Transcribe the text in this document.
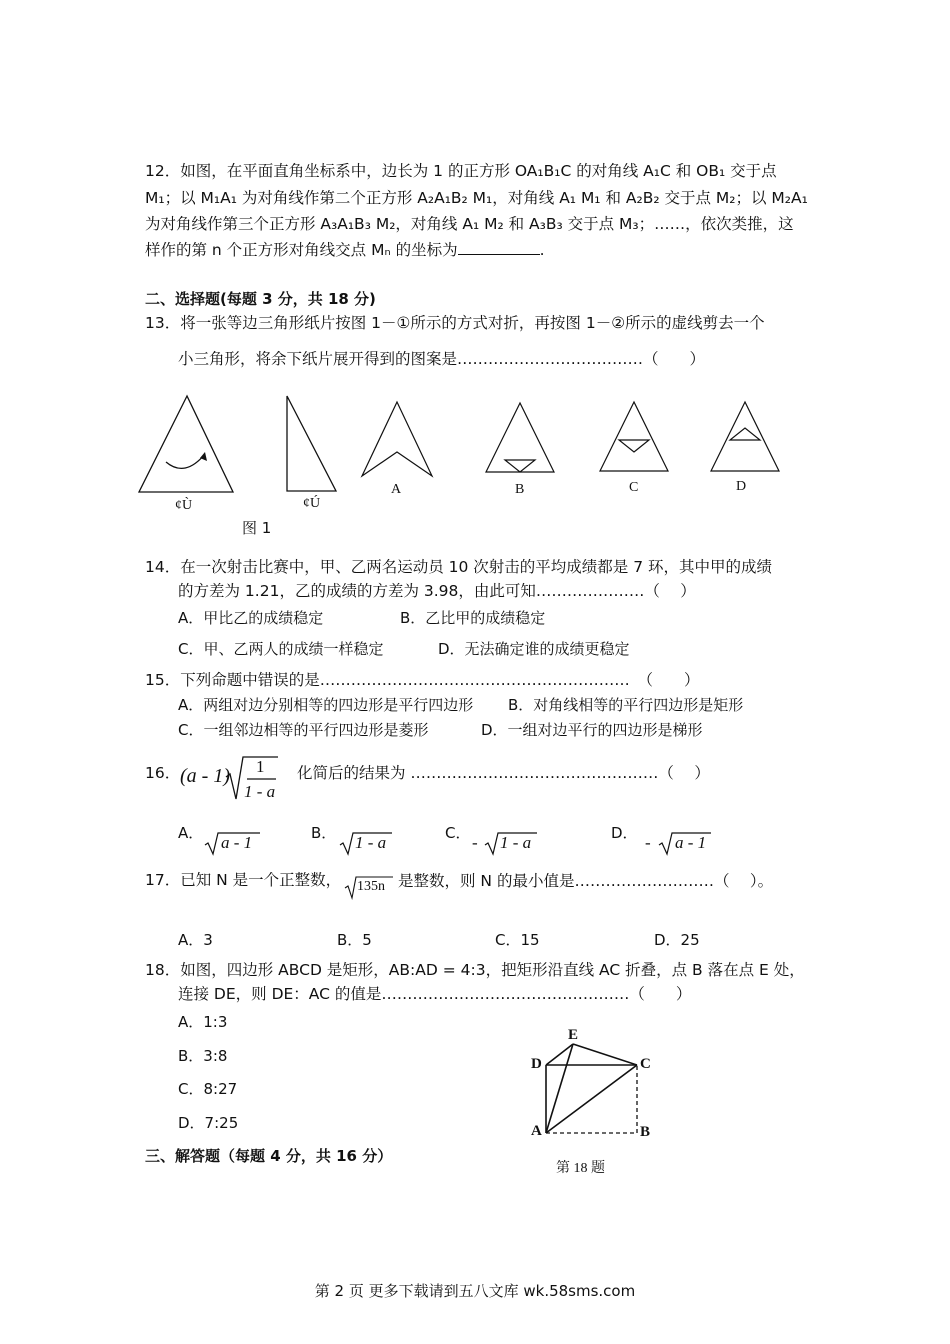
12．如图，在平面直角坐标系中，边长为 1 的正方形 OA₁B₁C 的对角线 A₁C 和 OB₁ 交于点
M₁；以 M₁A₁ 为对角线作第二个正方形 A₂A₁B₂ M₁，对角线 A₁ M₁ 和 A₂B₂ 交于点 M₂；以 M₂A₁
为对角线作第三个正方形 A₃A₁B₃ M₂，对角线 A₁ M₂ 和 A₃B₃ 交于点 M₃；……，依次类推，这
样作的第 n 个正方形对角线交点 Mₙ 的坐标为	.
二、选择题(每题 3 分，共 18 分)
13．将一张等边三角形纸片按图 1－①所示的方式对折，再按图 1－②所示的虚线剪去一个
小三角形，将余下纸片展开得到的图案是………………………………（　　）
¢Ù	¢Ú
图 1
A	B	C	D
14．在一次射击比赛中，甲、乙两名运动员 10 次射击的平均成绩都是 7 环，其中甲的成绩
的方差为 1.21，乙的成绩的方差为 3.98，由此可知…………………（　 ）
A．甲比乙的成绩稳定	B．乙比甲的成绩稳定
C．甲、乙两人的成绩一样稳定	D．无法确定谁的成绩更稳定
15．下列命题中错误的是……………………………………………………　（　　）
A．两组对边分别相等的四边形是平行四边形 B．对角线相等的平行四边形是矩形
C．一组邻边相等的平行四边形是菱形	D．一组对边平行的四边形是梯形
16． (a - 1) 1
1 - a
化简后的结果为 …………………………………………（　 ）
A． a - 1	B． 1 - a	C． - 1 - a	D． - a - 1
17．已知 N 是一个正整数， 135n 是整数，则 N 的最小值是………………………（　 ）。
A．3	B．5	C．15	D．25
18．如图，四边形 ABCD 是矩形，AB:AD = 4:3，把矩形沿直线 AC 折叠，点 B 落在点 E 处，
连接 DE，则 DE：AC 的值是…………………………………………（　　）
A．1:3
B．3:8
C．8:27
D．7:25
E
D	C
A	B
第 18 题
三、解答题（每题 4 分，共 16 分）
第 2 页 更多下载请到五八文库 wk.58sms.com
